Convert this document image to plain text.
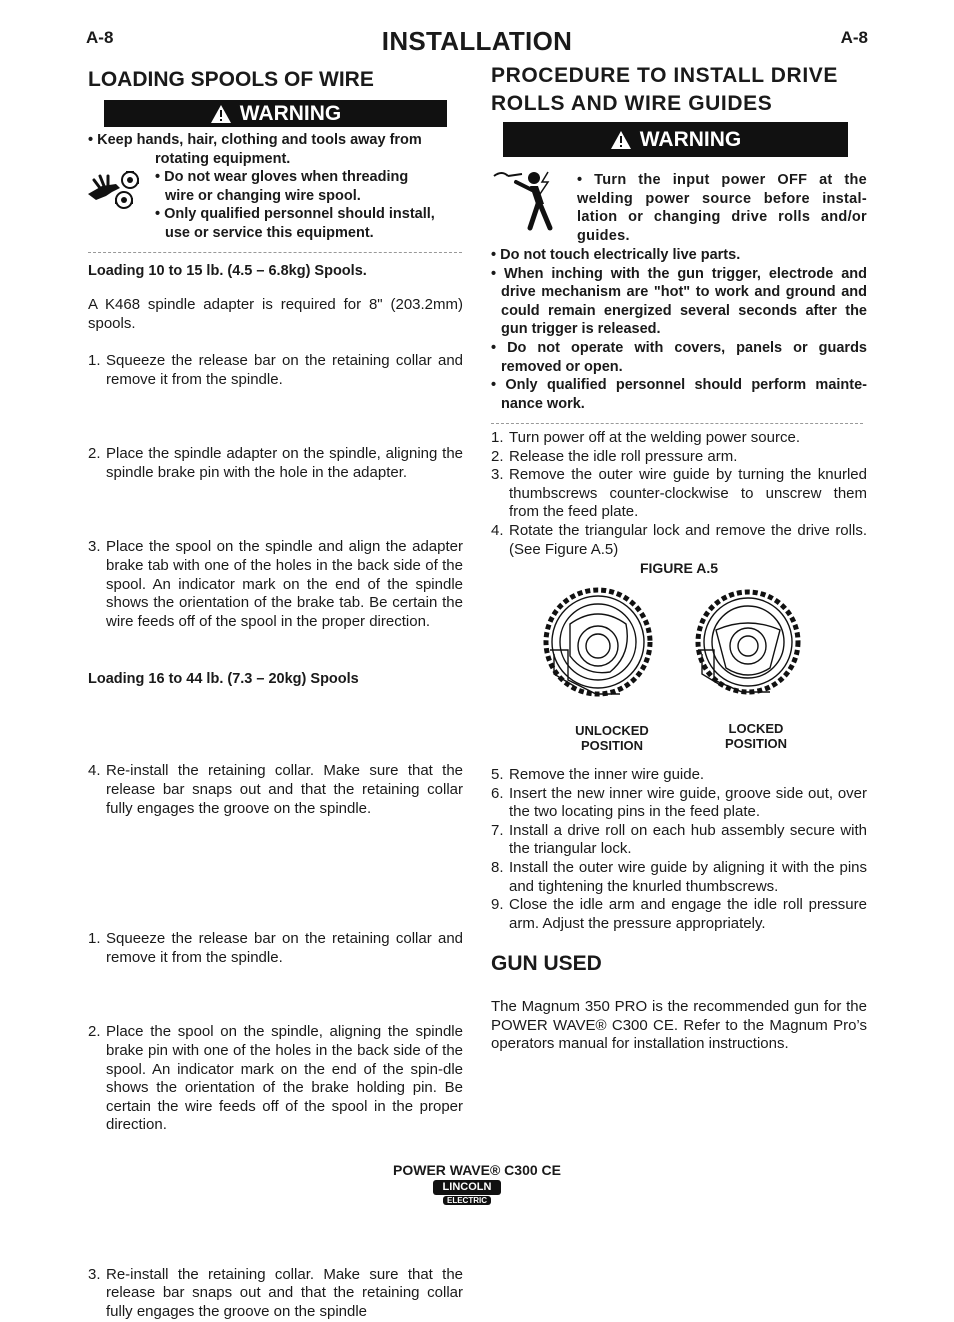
A-8	A-8
INSTALLATION
LOADING SPOOLS OF WIRE
WARNING
• Keep hands, hair, clothing and tools away from
rotating equipment.
• Do not wear gloves when threading
wire or changing wire spool.
• Only qualified personnel should install,
use or service this equipment.
Loading 10 to 15 lb. (4.5 – 6.8kg) Spools.
A K468 spindle adapter is required for 8" (203.2mm) spools.
1. Squeeze the release bar on the retaining collar and remove it from the spindle.
2. Place the spindle adapter on the spindle, aligning the spindle brake pin with the hole in the adapter.
3. Place the spool on the spindle and align the adapter brake tab with one of the holes in the back side of the spool. An indicator mark on the end of the spindle shows the orientation of the brake tab. Be certain the wire feeds off of the spool in the proper direction.
4. Re-install the retaining collar. Make sure that the release bar snaps out and that the retaining collar fully engages the groove on the spindle.
Loading 16 to 44 lb. (7.3 – 20kg) Spools
1. Squeeze the release bar on the retaining collar and remove it from the spindle.
2. Place the spool on the spindle, aligning the spindle brake pin with one of the holes in the back side of the spool. An indicator mark on the end of the spin-dle shows the orientation of the brake holding pin. Be certain the wire feeds off of the spool in the proper direction.
3. Re-install the retaining collar. Make sure that the release bar snaps out and that the retaining collar fully engages the groove on the spindle
PROCEDURE TO INSTALL DRIVE
ROLLS AND WIRE GUIDES
WARNING
• Turn the input power OFF at the welding power source before instal-lation or changing drive rolls and/or guides.
• Do not touch electrically live parts.
• When inching with the gun trigger, electrode and drive mechanism are "hot" to work and ground and could remain energized several seconds after the gun trigger is released.
• Do not operate with covers, panels or guards removed or open.
• Only qualified personnel should perform mainte-nance work.
1. Turn power off at the welding power source.
2. Release the idle roll pressure arm.
3. Remove the outer wire guide by turning the knurled thumbscrews counter-clockwise to unscrew them from the feed plate.
4. Rotate the triangular lock and remove the drive rolls. (See Figure A.5)
FIGURE A.5
UNLOCKED
POSITION
LOCKED
POSITION
5. Remove the inner wire guide.
6. Insert the new inner wire guide, groove side out, over the two locating pins in the feed plate.
7. Install a drive roll on each hub assembly secure with the triangular lock.
8. Install the outer wire guide by aligning it with the pins and tightening the knurled thumbscrews.
9. Close the idle arm and engage the idle roll pressure arm. Adjust the pressure appropriately.
GUN USED
The Magnum 350 PRO is the recommended gun for the POWER WAVE® C300 CE. Refer to the Magnum Pro’s operators manual for installation instructions.
POWER WAVE® C300 CE
LINCOLN
ELECTRIC
